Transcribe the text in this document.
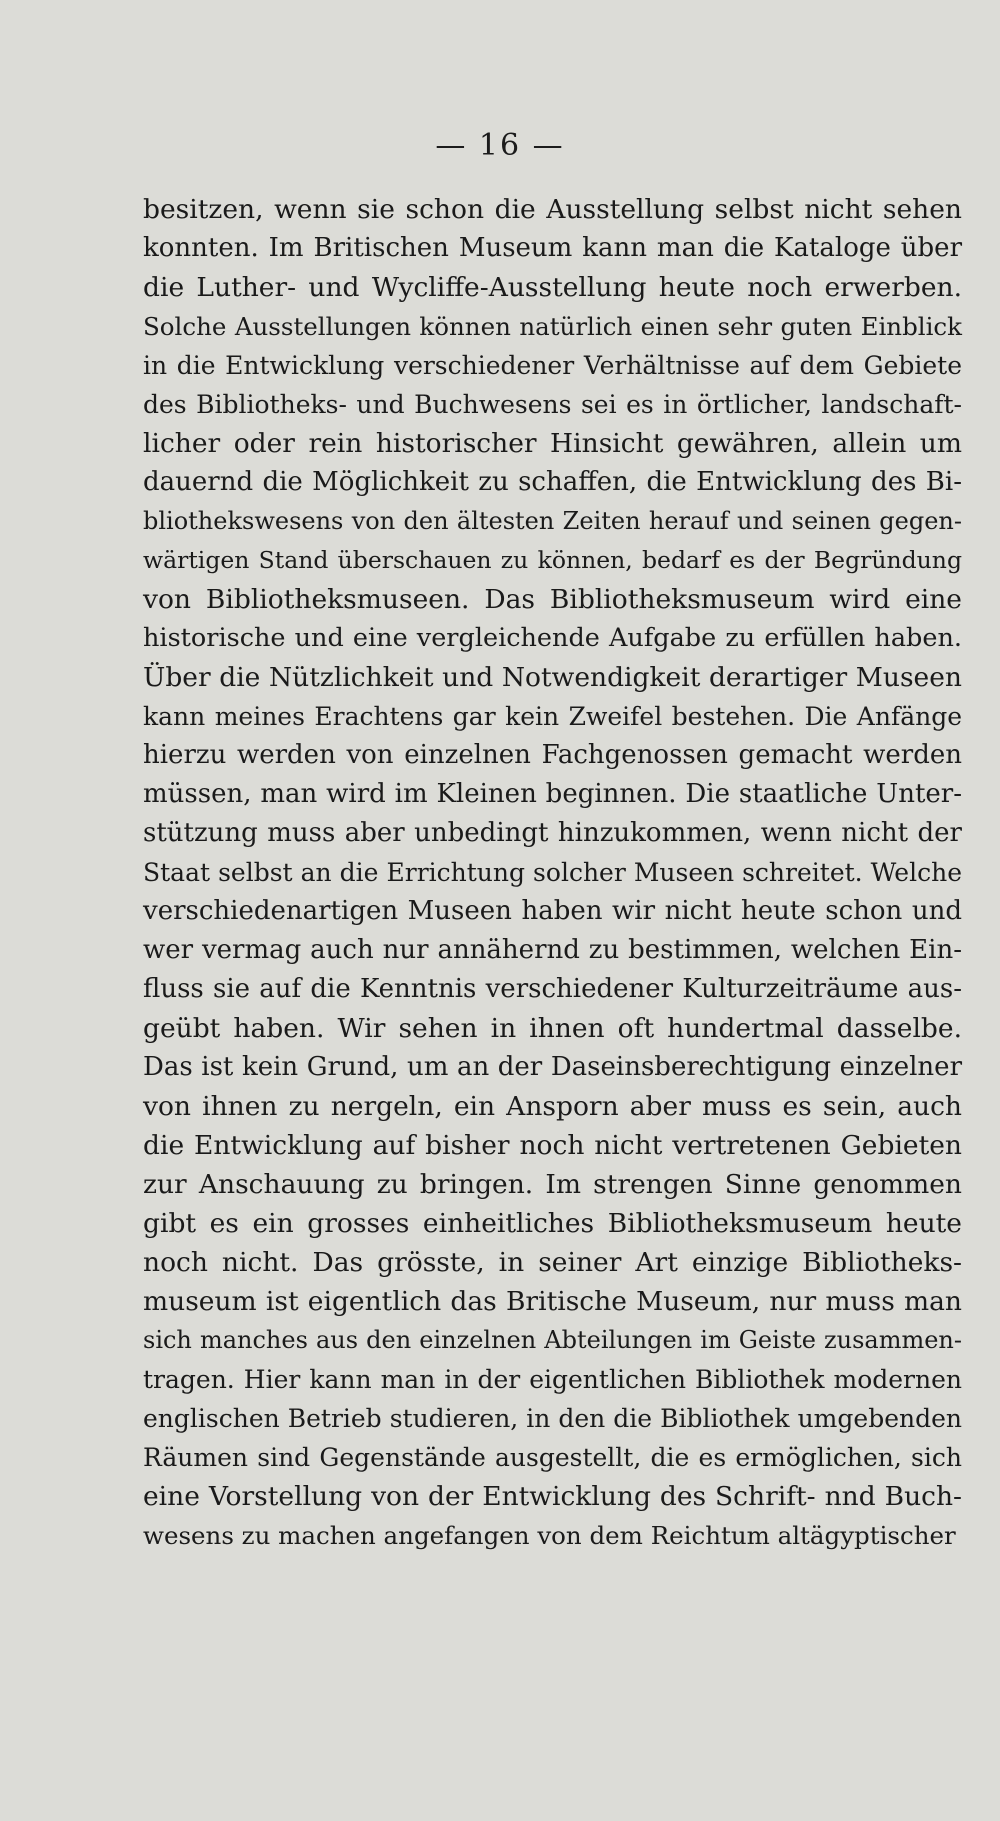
— 16 —
besitzen, wenn sie schon die Ausstellung selbst nicht sehen
konnten. Im Britischen Museum kann man die Kataloge über
die Luther- und Wycliffe-Ausstellung heute noch erwerben.
Solche Ausstellungen können natürlich einen sehr guten Einblick
in die Entwicklung verschiedener Verhältnisse auf dem Gebiete
des Bibliotheks- und Buchwesens sei es in örtlicher, landschaft-
licher oder rein historischer Hinsicht gewähren, allein um
dauernd die Möglichkeit zu schaffen, die Entwicklung des Bi-
bliothekswesens von den ältesten Zeiten herauf und seinen gegen-
wärtigen Stand überschauen zu können, bedarf es der Begründung
von Bibliotheksmuseen. Das Bibliotheksmuseum wird eine
historische und eine vergleichende Aufgabe zu erfüllen haben.
Über die Nützlichkeit und Notwendigkeit derartiger Museen
kann meines Erachtens gar kein Zweifel bestehen. Die Anfänge
hierzu werden von einzelnen Fachgenossen gemacht werden
müssen, man wird im Kleinen beginnen. Die staatliche Unter-
stützung muss aber unbedingt hinzukommen, wenn nicht der
Staat selbst an die Errichtung solcher Museen schreitet. Welche
verschiedenartigen Museen haben wir nicht heute schon und
wer vermag auch nur annähernd zu bestimmen, welchen Ein-
fluss sie auf die Kenntnis verschiedener Kulturzeiträume aus-
geübt haben. Wir sehen in ihnen oft hundertmal dasselbe.
Das ist kein Grund, um an der Daseinsberechtigung einzelner
von ihnen zu nergeln, ein Ansporn aber muss es sein, auch
die Entwicklung auf bisher noch nicht vertretenen Gebieten
zur Anschauung zu bringen. Im strengen Sinne genommen
gibt es ein grosses einheitliches Bibliotheksmuseum heute
noch nicht. Das grösste, in seiner Art einzige Bibliotheks-
museum ist eigentlich das Britische Museum, nur muss man
sich manches aus den einzelnen Abteilungen im Geiste zusammen-
tragen. Hier kann man in der eigentlichen Bibliothek modernen
englischen Betrieb studieren, in den die Bibliothek umgebenden
Räumen sind Gegenstände ausgestellt, die es ermöglichen, sich
eine Vorstellung von der Entwicklung des Schrift- nnd Buch-
wesens zu machen angefangen von dem Reichtum altägyptischer
